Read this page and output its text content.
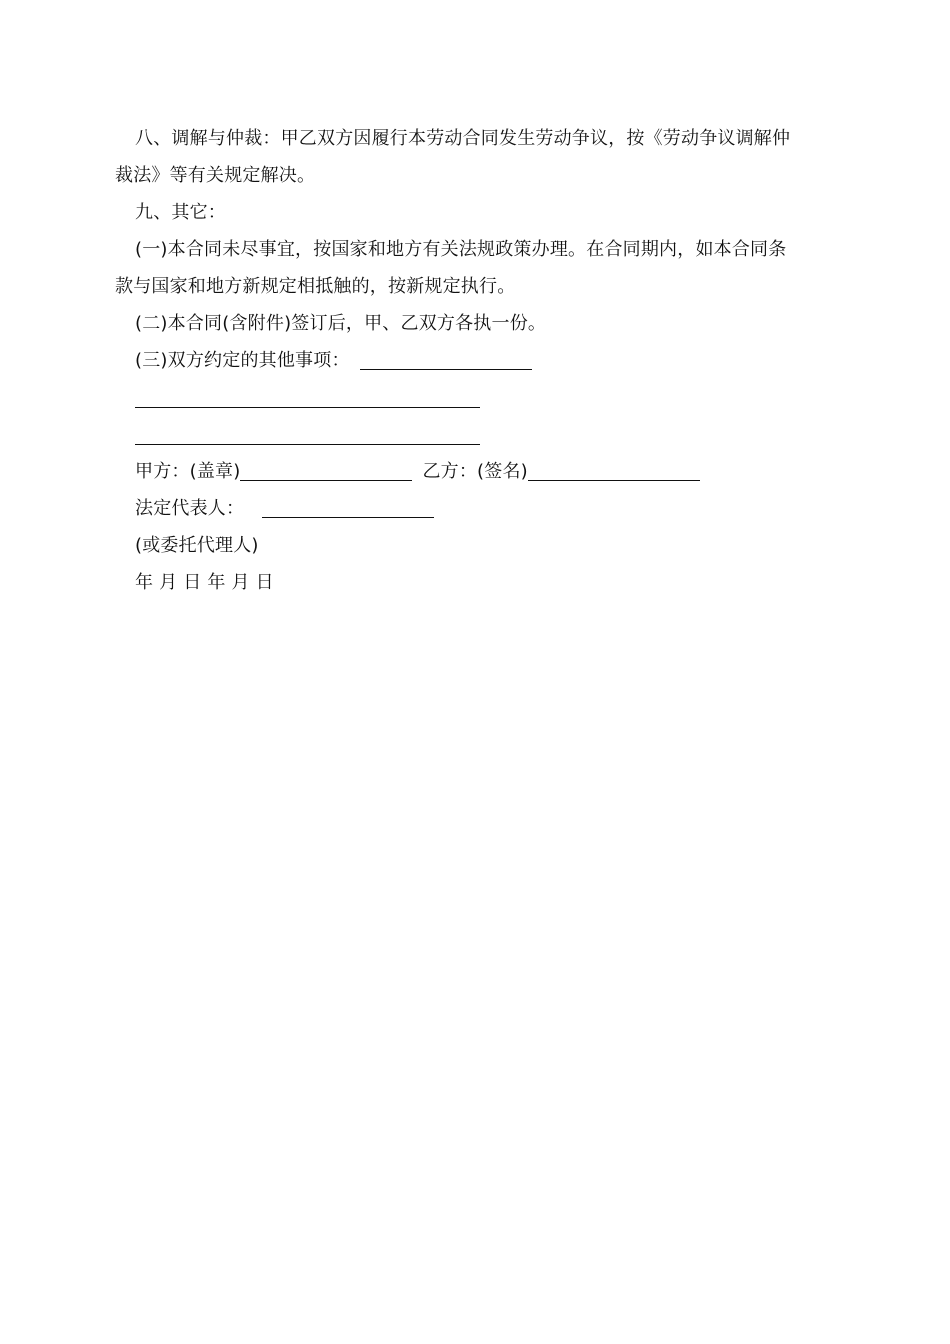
八、调解与仲裁：甲乙双方因履行本劳动合同发生劳动争议，按《劳动争议调解仲
裁法》等有关规定解决。
九、其它：
(一)本合同未尽事宜，按国家和地方有关法规政策办理。在合同期内，如本合同条
款与国家和地方新规定相抵触的，按新规定执行。
(二)本合同(含附件)签订后，甲、乙双方各执一份。
(三)双方约定的其他事项：
甲方：(盖章)	乙方：(签名)
法定代表人：
(或委托代理人)
年 月 日 年 月 日
